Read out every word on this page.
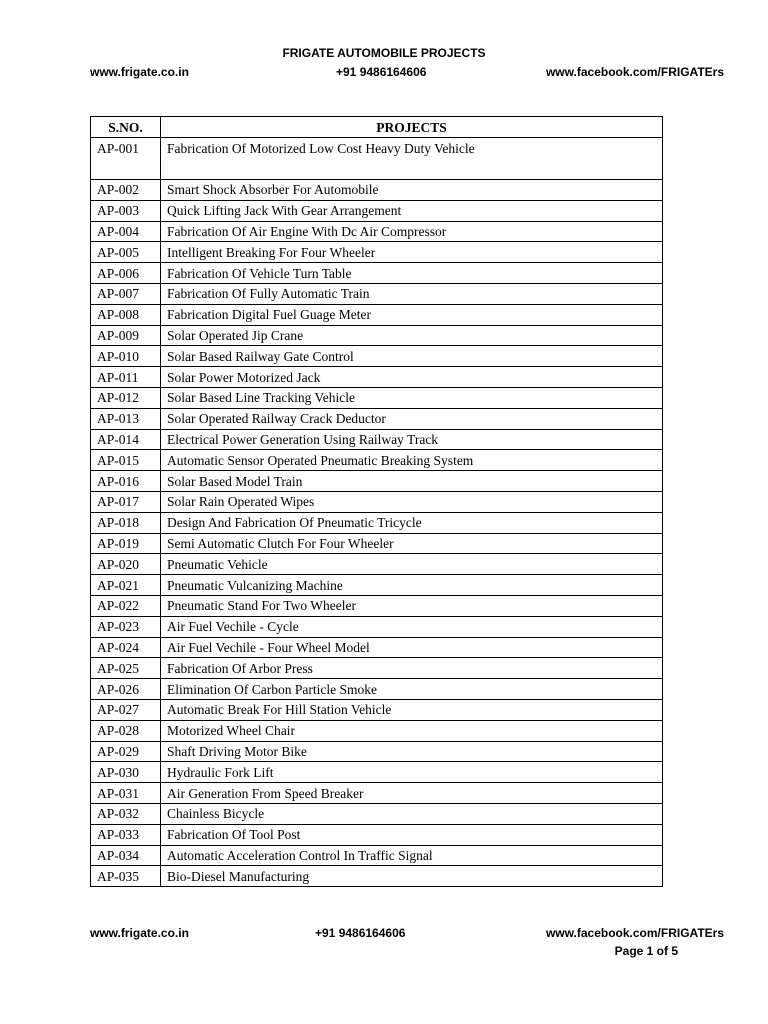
FRIGATE AUTOMOBILE PROJECTS
www.frigate.co.in	+91 9486164606	www.facebook.com/FRIGATErs
S.NO.	PROJECTS
AP-001	Fabrication Of Motorized Low Cost Heavy Duty Vehicle
AP-002	Smart Shock Absorber For Automobile
AP-003	Quick Lifting Jack With Gear Arrangement
AP-004	Fabrication Of Air Engine With Dc Air Compressor
AP-005	Intelligent Breaking For Four Wheeler
AP-006	Fabrication Of Vehicle Turn Table
AP-007	Fabrication Of Fully Automatic Train
AP-008	Fabrication Digital Fuel Guage Meter
AP-009	Solar Operated Jip Crane
AP-010	Solar Based Railway Gate Control
AP-011	Solar Power Motorized Jack
AP-012	Solar Based Line Tracking Vehicle
AP-013	Solar Operated Railway Crack Deductor
AP-014	Electrical Power Generation Using Railway Track
AP-015	Automatic Sensor Operated Pneumatic Breaking System
AP-016	Solar Based Model Train
AP-017	Solar Rain Operated Wipes
AP-018	Design And Fabrication Of Pneumatic Tricycle
AP-019	Semi Automatic Clutch For Four Wheeler
AP-020	Pneumatic Vehicle
AP-021	Pneumatic Vulcanizing Machine
AP-022	Pneumatic Stand For Two Wheeler
AP-023	Air Fuel Vechile - Cycle
AP-024	Air Fuel Vechile - Four Wheel Model
AP-025	Fabrication Of Arbor Press
AP-026	Elimination Of Carbon Particle Smoke
AP-027	Automatic Break For Hill Station Vehicle
AP-028	Motorized Wheel Chair
AP-029	Shaft Driving Motor Bike
AP-030	Hydraulic Fork Lift
AP-031	Air Generation From Speed Breaker
AP-032	Chainless Bicycle
AP-033	Fabrication Of Tool Post
AP-034	Automatic Acceleration Control In Traffic Signal
AP-035	Bio-Diesel Manufacturing
www.frigate.co.in	+91 9486164606	www.facebook.com/FRIGATErs
Page 1 of 5
